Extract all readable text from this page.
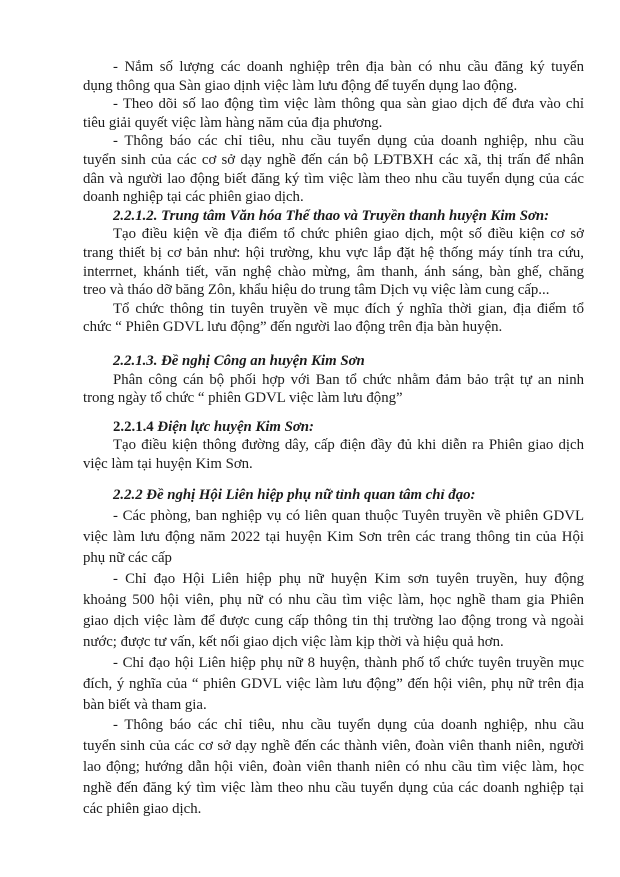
- Nắm số lượng các doanh nghiệp trên địa bàn có nhu cầu đăng ký tuyển
dụng thông qua Sàn giao dịnh việc làm lưu động để tuyển dụng lao động.
- Theo dõi số lao động tìm việc làm thông qua sàn giao dịch để đưa vào chỉ
tiêu giải quyết việc làm hàng năm của địa phương.
- Thông báo các chỉ tiêu, nhu cầu tuyển dụng của doanh nghiệp, nhu cầu
tuyển sinh của các cơ sở dạy nghề đến cán bộ LĐTBXH các xã, thị trấn để nhân
dân và người lao động biết đăng ký tìm việc làm theo nhu cầu tuyển dụng của các
doanh nghiệp tại các phiên giao dịch.
2.2.1.2. Trung tâm Văn hóa Thể thao và Truyền thanh huyện Kim Sơn:
Tạo điều kiện về địa điểm tổ chức phiên giao dịch, một số điều kiện cơ sở
trang thiết bị cơ bản như: hội trường, khu vực lắp đặt hệ thống máy tính tra cứu,
interrnet, khánh tiết, văn nghệ chào mừng, âm thanh, ánh sáng, bàn ghế, chăng
treo và tháo dỡ băng Zôn, khẩu hiệu do trung tâm Dịch vụ việc làm cung cấp...
Tổ chức thông tin tuyên truyền về mục đích ý nghĩa thời gian, địa điểm tổ
chức “ Phiên GDVL lưu động” đến người lao động trên địa bàn huyện.
2.2.1.3. Đề nghị Công an huyện Kim Sơn
Phân công cán bộ phối hợp với Ban tổ chức nhằm đảm bảo trật tự an ninh
trong ngày tổ chức “ phiên GDVL việc làm lưu động”
2.2.1.4 Điện lực huyện Kim Sơn:
Tạo điều kiện thông đường dây, cấp điện đầy đủ khi diễn ra Phiên giao dịch
việc làm tại huyện Kim Sơn.
2.2.2 Đề nghị Hội Liên hiệp phụ nữ tỉnh quan tâm chỉ đạo:
- Các phòng, ban nghiệp vụ có liên quan thuộc Tuyên truyền về phiên GDVL
việc làm lưu động năm 2022 tại huyện Kim Sơn trên các trang thông tin của Hội
phụ nữ các cấp
- Chỉ đạo Hội Liên hiệp phụ nữ huyện Kim sơn tuyên truyền, huy động
khoảng 500 hội viên, phụ nữ có nhu cầu tìm việc làm, học nghề tham gia Phiên
giao dịch việc làm để được cung cấp thông tin thị trường lao động trong và ngoài
nước; được tư vấn, kết nối giao dịch việc làm kịp thời và hiệu quả hơn.
- Chỉ đạo hội Liên hiệp phụ nữ 8 huyện, thành phố tổ chức tuyên truyền mục
đích, ý nghĩa của “ phiên GDVL việc làm lưu động” đến hội viên, phụ nữ trên địa
bàn biết và tham gia.
- Thông báo các chỉ tiêu, nhu cầu tuyển dụng của doanh nghiệp, nhu cầu
tuyển sinh của các cơ sở dạy nghề đến các thành viên, đoàn viên thanh niên, người
lao động; hướng dẫn hội viên, đoàn viên thanh niên có nhu cầu tìm việc làm, học
nghề đến đăng ký tìm việc làm theo nhu cầu tuyển dụng của các doanh nghiệp tại
các phiên giao dịch.
